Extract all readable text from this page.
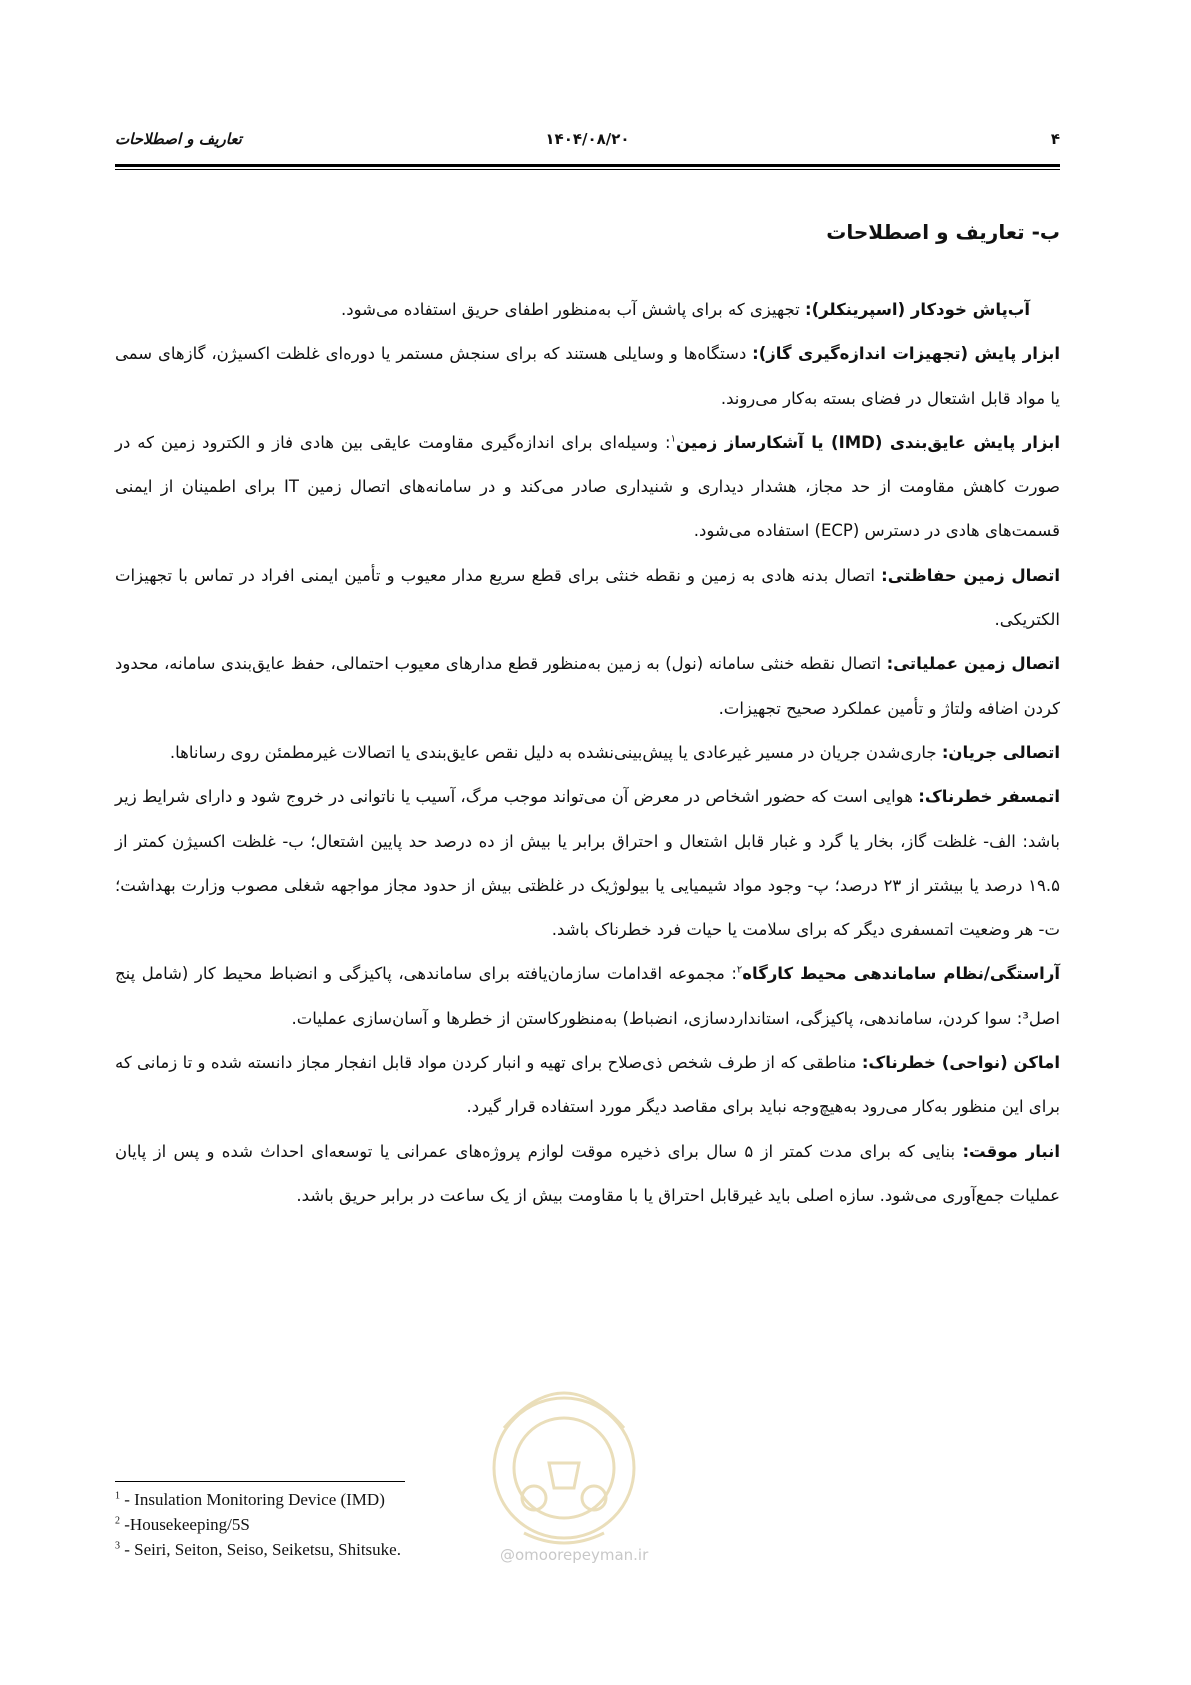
۴
۱۴۰۴/۰۸/۲۰
تعاریف و اصطلاحات
ب- تعاریف و اصطلاحات

آب‌پاش خودکار (اسپرینکلر): تجهیزی که برای پاشش آب به‌منظور اطفای حریق استفاده می‌شود.

ابزار پایش (تجهیزات اندازه‌گیری گاز): دستگاه‌ها و وسایلی هستند که برای سنجش مستمر یا دوره‌ای غلظت اکسیژن، گازهای سمی یا مواد قابل اشتعال در فضای بسته به‌کار می‌روند.

ابزار پایش عایق‌بندی (IMD) یا آشکارساز زمین$^۱$: وسیله‌ای برای اندازه‌گیری مقاومت عایقی بین هادی فاز و الکترود زمین که در صورت کاهش مقاومت از حد مجاز، هشدار دیداری و شنیداری صادر می‌کند و در سامانه‌های اتصال زمین IT برای اطمینان از ایمنی قسمت‌های هادی در دسترس (ECP) استفاده می‌شود.

اتصال زمین حفاظتی: اتصال بدنه هادی به زمین و نقطه خنثی برای قطع سریع مدار معیوب و تأمین ایمنی افراد در تماس با تجهیزات الکتریکی.

اتصال زمین عملیاتی: اتصال نقطه خنثی سامانه (نول) به زمین به‌منظور قطع مدارهای معیوب احتمالی، حفظ عایق‌بندی سامانه، محدود کردن اضافه ولتاژ و تأمین عملکرد صحیح تجهیزات.

اتصالی جریان: جاری‌شدن جریان در مسیر غیرعادی یا پیش‌بینی‌نشده به دلیل نقص عایق‌بندی یا اتصالات غیرمطمئن روی رساناها.

اتمسفر خطرناک: هوایی است که حضور اشخاص در معرض آن می‌تواند موجب مرگ، آسیب یا ناتوانی در خروج شود و دارای شرایط زیر باشد: الف- غلظت گاز، بخار یا گرد و غبار قابل اشتعال و احتراق برابر یا بیش از ده درصد حد پایین اشتعال؛ ب- غلظت اکسیژن کمتر از ۱۹.۵ درصد یا بیشتر از ۲۳ درصد؛ پ- وجود مواد شیمیایی یا بیولوژیک در غلظتی بیش از حدود مجاز مواجهه شغلی مصوب وزارت بهداشت؛ ت- هر وضعیت اتمسفری دیگر که برای سلامت یا حیات فرد خطرناک باشد.

آراستگی/نظام ساماندهی محیط کارگاه$^۲$: مجموعه اقدامات سازمان‌یافته برای ساماندهی، پاکیزگی و انضباط محیط کار (شامل پنج اصل³: سوا کردن، ساماندهی، پاکیزگی، استانداردسازی، انضباط) به‌منظورکاستن از خطرها و آسان‌سازی عملیات.

اماکن (نواحی) خطرناک: مناطقی که از طرف شخص ذی‌صلاح برای تهیه و انبار کردن مواد قابل انفجار مجاز دانسته شده و تا زمانی که برای این منظور به‌کار می‌رود به‌هیچ‌وجه نباید برای مقاصد دیگر مورد استفاده قرار گیرد.

انبار موقت: بنایی که برای مدت کمتر از ۵ سال برای ذخیره موقت لوازم پروژه‌های عمرانی یا توسعه‌ای احداث شده و پس از پایان عملیات جمع‌آوری می‌شود. سازه اصلی باید غیرقابل احتراق یا با مقاومت بیش از یک ساعت در برابر حریق باشد.

@omoorepeyman.ir
$^1$ - Insulation Monitoring Device (IMD)
$^2$ -Housekeeping/5S
$^3$ - Seiri, Seiton, Seiso, Seiketsu, Shitsuke.
